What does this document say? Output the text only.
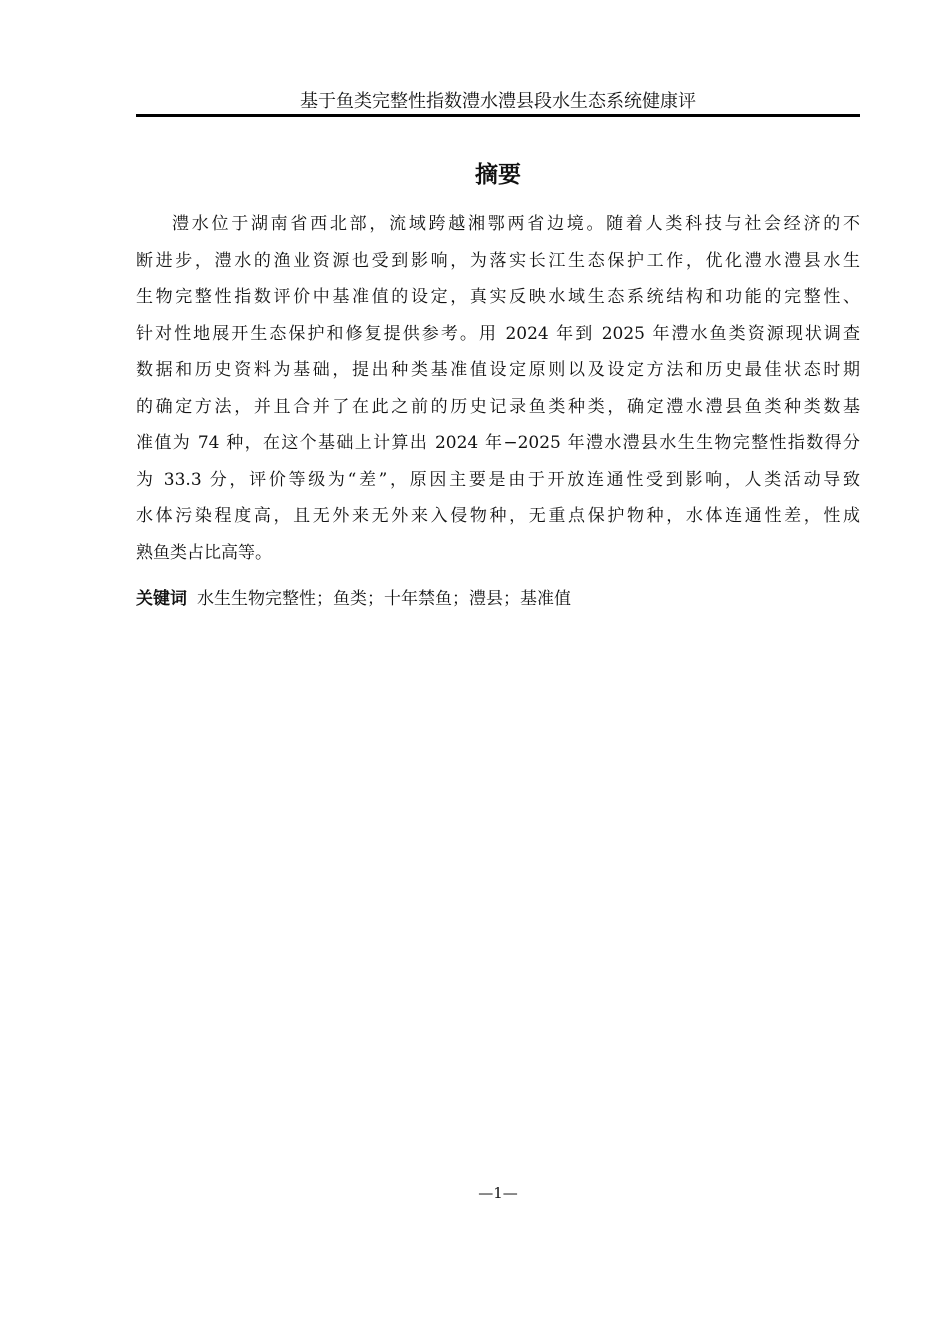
基于鱼类完整性指数澧水澧县段水生态系统健康评
摘要
澧水位于湖南省西北部，流域跨越湘鄂两省边境。随着人类科技与社会经济的不
断进步，澧水的渔业资源也受到影响，为落实长江生态保护工作，优化澧水澧县水生
生物完整性指数评价中基准值的设定，真实反映水域生态系统结构和功能的完整性、
针对性地展开生态保护和修复提供参考。用 2024 年到 2025 年澧水鱼类资源现状调查
数据和历史资料为基础，提出种类基准值设定原则以及设定方法和历史最佳状态时期
的确定方法，并且合并了在此之前的历史记录鱼类种类，确定澧水澧县鱼类种类数基
准值为 74 种，在这个基础上计算出 2024 年−2025 年澧水澧县水生生物完整性指数得分
为 33.3 分，评价等级为“差”，原因主要是由于开放连通性受到影响，人类活动导致
水体污染程度高，且无外来无外来入侵物种，无重点保护物种，水体连通性差，性成
熟鱼类占比高等。
关键词 水生生物完整性；鱼类；十年禁鱼；澧县；基准值
—1—
